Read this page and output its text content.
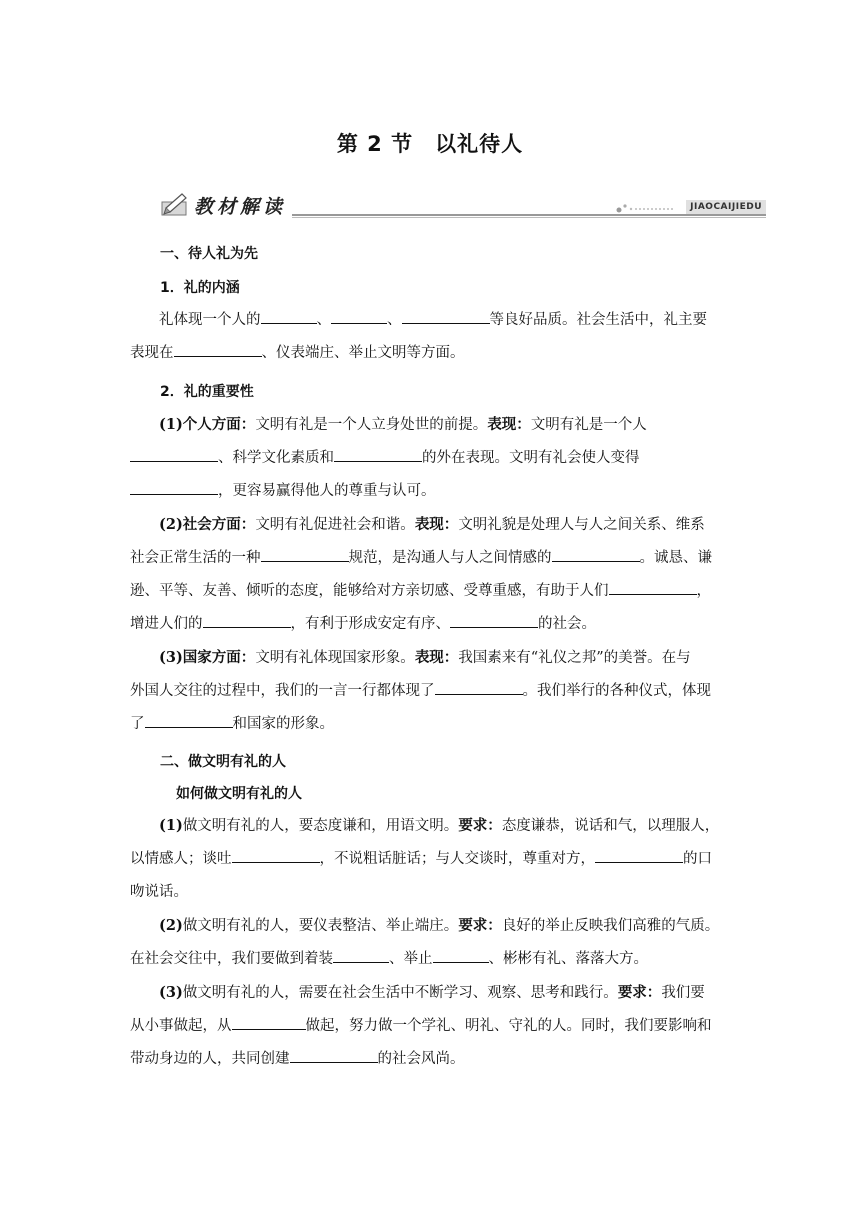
第 2 节　以礼待人
教材解读	JIAOCAIJIEDU
一、待人礼为先
1．礼的内涵
礼体现一个人的	、	、	等良好品质。社会生活中，礼主要
表现在	、仪表端庄、举止文明等方面。
2．礼的重要性
(1)个人方面：文明有礼是一个人立身处世的前提。表现：文明有礼是一个人
、科学文化素质和	的外在表现。文明有礼会使人变得
，更容易赢得他人的尊重与认可。
(2)社会方面：文明有礼促进社会和谐。表现：文明礼貌是处理人与人之间关系、维系
社会正常生活的一种	规范，是沟通人与人之间情感的	。诚恳、谦
逊、平等、友善、倾听的态度，能够给对方亲切感、受尊重感，有助于人们	，
增进人们的	，有利于形成安定有序、	的社会。
(3)国家方面：文明有礼体现国家形象。表现：我国素来有“礼仪之邦”的美誉。在与
外国人交往的过程中，我们的一言一行都体现了	。我们举行的各种仪式，体现
了	和国家的形象。
二、做文明有礼的人
如何做文明有礼的人
(1)做文明有礼的人，要态度谦和，用语文明。要求：态度谦恭，说话和气，以理服人，
以情感人；谈吐	，不说粗话脏话；与人交谈时，尊重对方，	的口
吻说话。
(2)做文明有礼的人，要仪表整洁、举止端庄。要求：良好的举止反映我们高雅的气质。
在社会交往中，我们要做到着装	、举止	、彬彬有礼、落落大方。
(3)做文明有礼的人，需要在社会生活中不断学习、观察、思考和践行。要求：我们要
从小事做起，从	做起，努力做一个学礼、明礼、守礼的人。同时，我们要影响和
带动身边的人，共同创建	的社会风尚。
